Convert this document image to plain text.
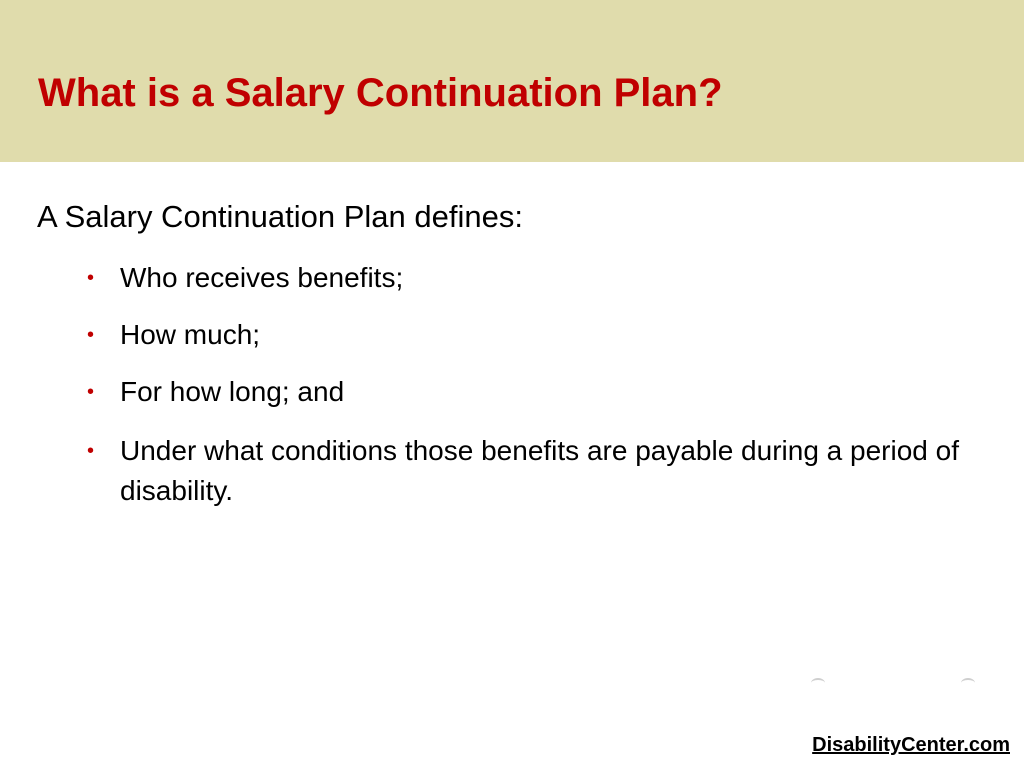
What is a Salary Continuation Plan?

A Salary Continuation Plan defines:

• Who receives benefits;
• How much;
• For how long; and
• Under what conditions those benefits are payable during a period of disability.
DisabilityCenter.com
